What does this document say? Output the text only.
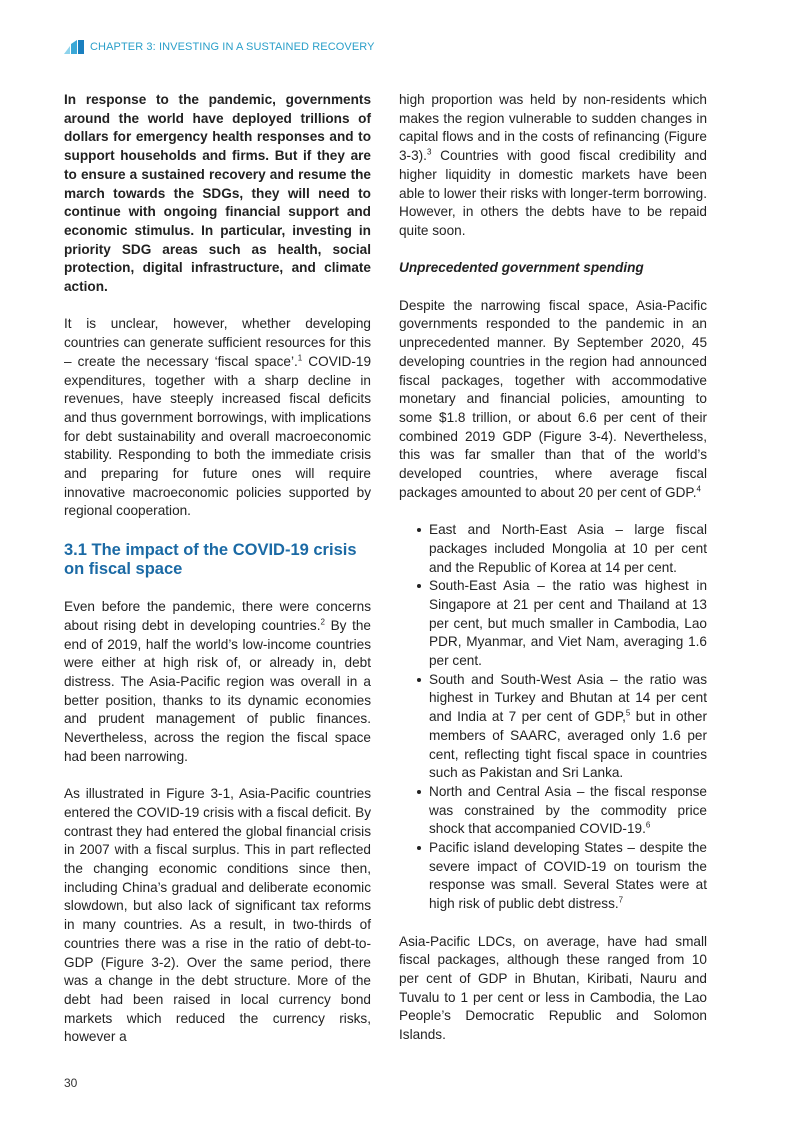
CHAPTER 3: INVESTING IN A SUSTAINED RECOVERY

In response to the pandemic, governments around the world have deployed trillions of dollars for emergency health responses and to support households and firms. But if they are to ensure a sustained recovery and resume the march towards the SDGs, they will need to continue with ongoing financial support and economic stimulus. In particular, investing in priority SDG areas such as health, social protection, digital infrastructure, and climate action.

It is unclear, however, whether developing countries can generate sufficient resources for this – create the necessary ‘fiscal space’.$^1$ COVID-19 expenditures, together with a sharp decline in revenues, have steeply increased fiscal deficits and thus government borrowings, with implications for debt sustainability and overall macroeconomic stability. Responding to both the immediate crisis and preparing for future ones will require innovative macroeconomic policies supported by regional cooperation.

3.1 The impact of the COVID-19 crisis on fiscal space

Even before the pandemic, there were concerns about rising debt in developing countries.$^2$ By the end of 2019, half the world’s low-income countries were either at high risk of, or already in, debt distress. The Asia-Pacific region was overall in a better position, thanks to its dynamic economies and prudent management of public finances. Nevertheless, across the region the fiscal space had been narrowing.

As illustrated in Figure 3-1, Asia-Pacific countries entered the COVID-19 crisis with a fiscal deficit. By contrast they had entered the global financial crisis in 2007 with a fiscal surplus. This in part reflected the changing economic conditions since then, including China’s gradual and deliberate economic slowdown, but also lack of significant tax reforms in many countries. As a result, in two-thirds of countries there was a rise in the ratio of debt-to-GDP (Figure 3-2). Over the same period, there was a change in the debt structure. More of the debt had been raised in local currency bond markets which reduced the currency risks, however a

high proportion was held by non-residents which makes the region vulnerable to sudden changes in capital flows and in the costs of refinancing (Figure 3-3).$^3$ Countries with good fiscal credibility and higher liquidity in domestic markets have been able to lower their risks with longer-term borrowing. However, in others the debts have to be repaid quite soon.

Unprecedented government spending

Despite the narrowing fiscal space, Asia-Pacific governments responded to the pandemic in an unprecedented manner. By September 2020, 45 developing countries in the region had announced fiscal packages, together with accommodative monetary and financial policies, amounting to some $1.8 trillion, or about 6.6 per cent of their combined 2019 GDP (Figure 3-4). Nevertheless, this was far smaller than that of the world’s developed countries, where average fiscal packages amounted to about 20 per cent of GDP.$^4$

East and North-East Asia – large fiscal packages included Mongolia at 10 per cent and the Republic of Korea at 14 per cent.
South-East Asia – the ratio was highest in Singapore at 21 per cent and Thailand at 13 per cent, but much smaller in Cambodia, Lao PDR, Myanmar, and Viet Nam, averaging 1.6 per cent.
South and South-West Asia – the ratio was highest in Turkey and Bhutan at 14 per cent and India at 7 per cent of GDP,$^5$ but in other members of SAARC, averaged only 1.6 per cent, reflecting tight fiscal space in countries such as Pakistan and Sri Lanka.
North and Central Asia – the fiscal response was constrained by the commodity price shock that accompanied COVID-19.$^6$
Pacific island developing States – despite the severe impact of COVID-19 on tourism the response was small. Several States were at high risk of public debt distress.$^7$

Asia-Pacific LDCs, on average, have had small fiscal packages, although these ranged from 10 per cent of GDP in Bhutan, Kiribati, Nauru and Tuvalu to 1 per cent or less in Cambodia, the Lao People’s Democratic Republic and Solomon Islands.

30
